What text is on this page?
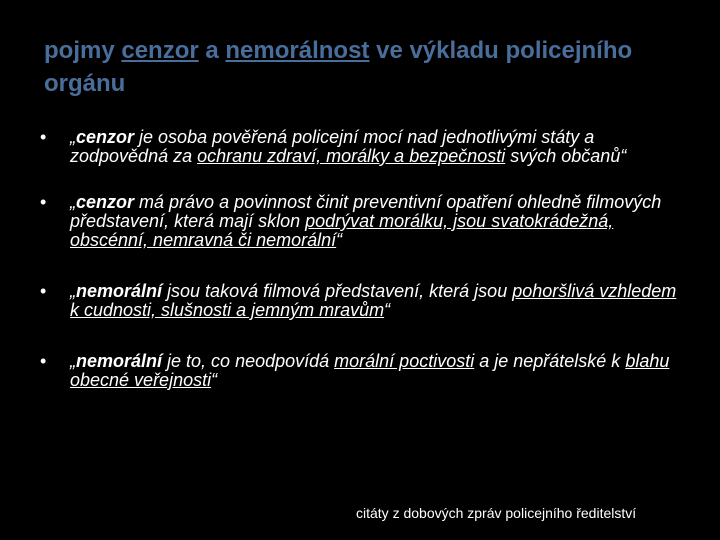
pojmy cenzor a nemorálnost ve výkladu policejního orgánu
• „cenzor je osoba pověřená policejní mocí nad jednotlivými státy a zodpovědná za ochranu zdraví, morálky a bezpečnosti svých občanů“
• „cenzor má právo a povinnost činit preventivní opatření ohledně filmových představení, která mají sklon podrývat morálku, jsou svatokrádežná, obscénní, nemravná či nemorální“
• „nemorální jsou taková filmová představení, která jsou pohoršlivá vzhledem k cudnosti, slušnosti a jemným mravům“
• „nemorální je to, co neodpovídá morální poctivosti a je nepřátelské k blahu obecné veřejnosti“
citáty z dobových zpráv policejního ředitelství
